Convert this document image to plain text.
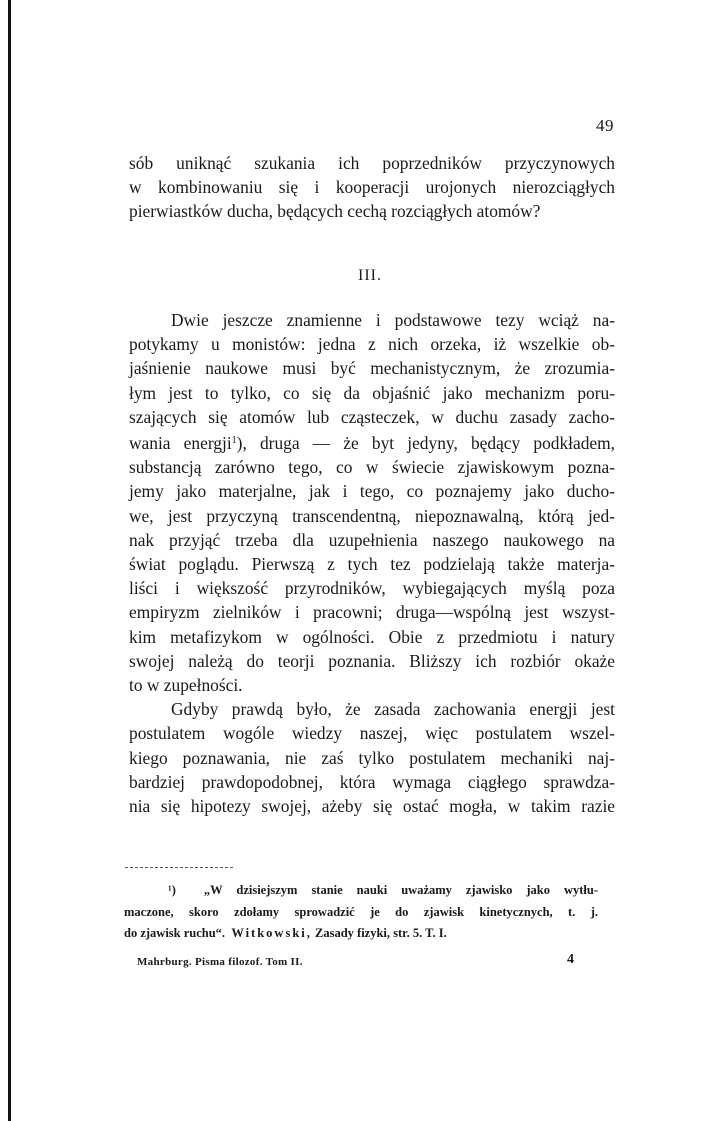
49
sób uniknąć szukania ich poprzedników przyczynowych
w kombinowaniu się i kooperacji urojonych nierozciągłych
pierwiastków ducha, będących cechą rozciągłych atomów?
III.
Dwie jeszcze znamienne i podstawowe tezy wciąż na-
potykamy u monistów: jedna z nich orzeka, iż wszelkie ob-
jaśnienie naukowe musi być mechanistycznym, że zrozumia-
łym jest to tylko, co się da objaśnić jako mechanizm poru-
szających się atomów lub cząsteczek, w duchu zasady zacho-
wania energji$^1$), druga — że byt jedyny, będący podkładem,
substancją zarówno tego, co w świecie zjawiskowym pozna-
jemy jako materjalne, jak i tego, co poznajemy jako ducho-
we, jest przyczyną transcendentną, niepoznawalną, którą jed-
nak przyjąć trzeba dla uzupełnienia naszego naukowego na
świat poglądu. Pierwszą z tych tez podzielają także materja-
liści i większość przyrodników, wybiegających myślą poza
empiryzm zielników i pracowni; druga—wspólną jest wszyst-
kim metafizykom w ogólności. Obie z przedmiotu i natury
swojej należą do teorji poznania. Bliższy ich rozbiór okaże
to w zupełności.
Gdyby prawdą było, że zasada zachowania energji jest
postulatem wogóle wiedzy naszej, więc postulatem wszel-
kiego poznawania, nie zaś tylko postulatem mechaniki naj-
bardziej prawdopodobnej, która wymaga ciągłego sprawdza-
nia się hipotezy swojej, ażeby się ostać mogła, w takim razie
¹) „W dzisiejszym stanie nauki uważamy zjawisko jako wytłu-
maczone, skoro zdołamy sprowadzić je do zjawisk kinetycznych, t. j.
do zjawisk ruchu“. Witkowski, Zasady fizyki, str. 5. T. I.
Mahrburg. Pisma filozof. Tom II.	4
